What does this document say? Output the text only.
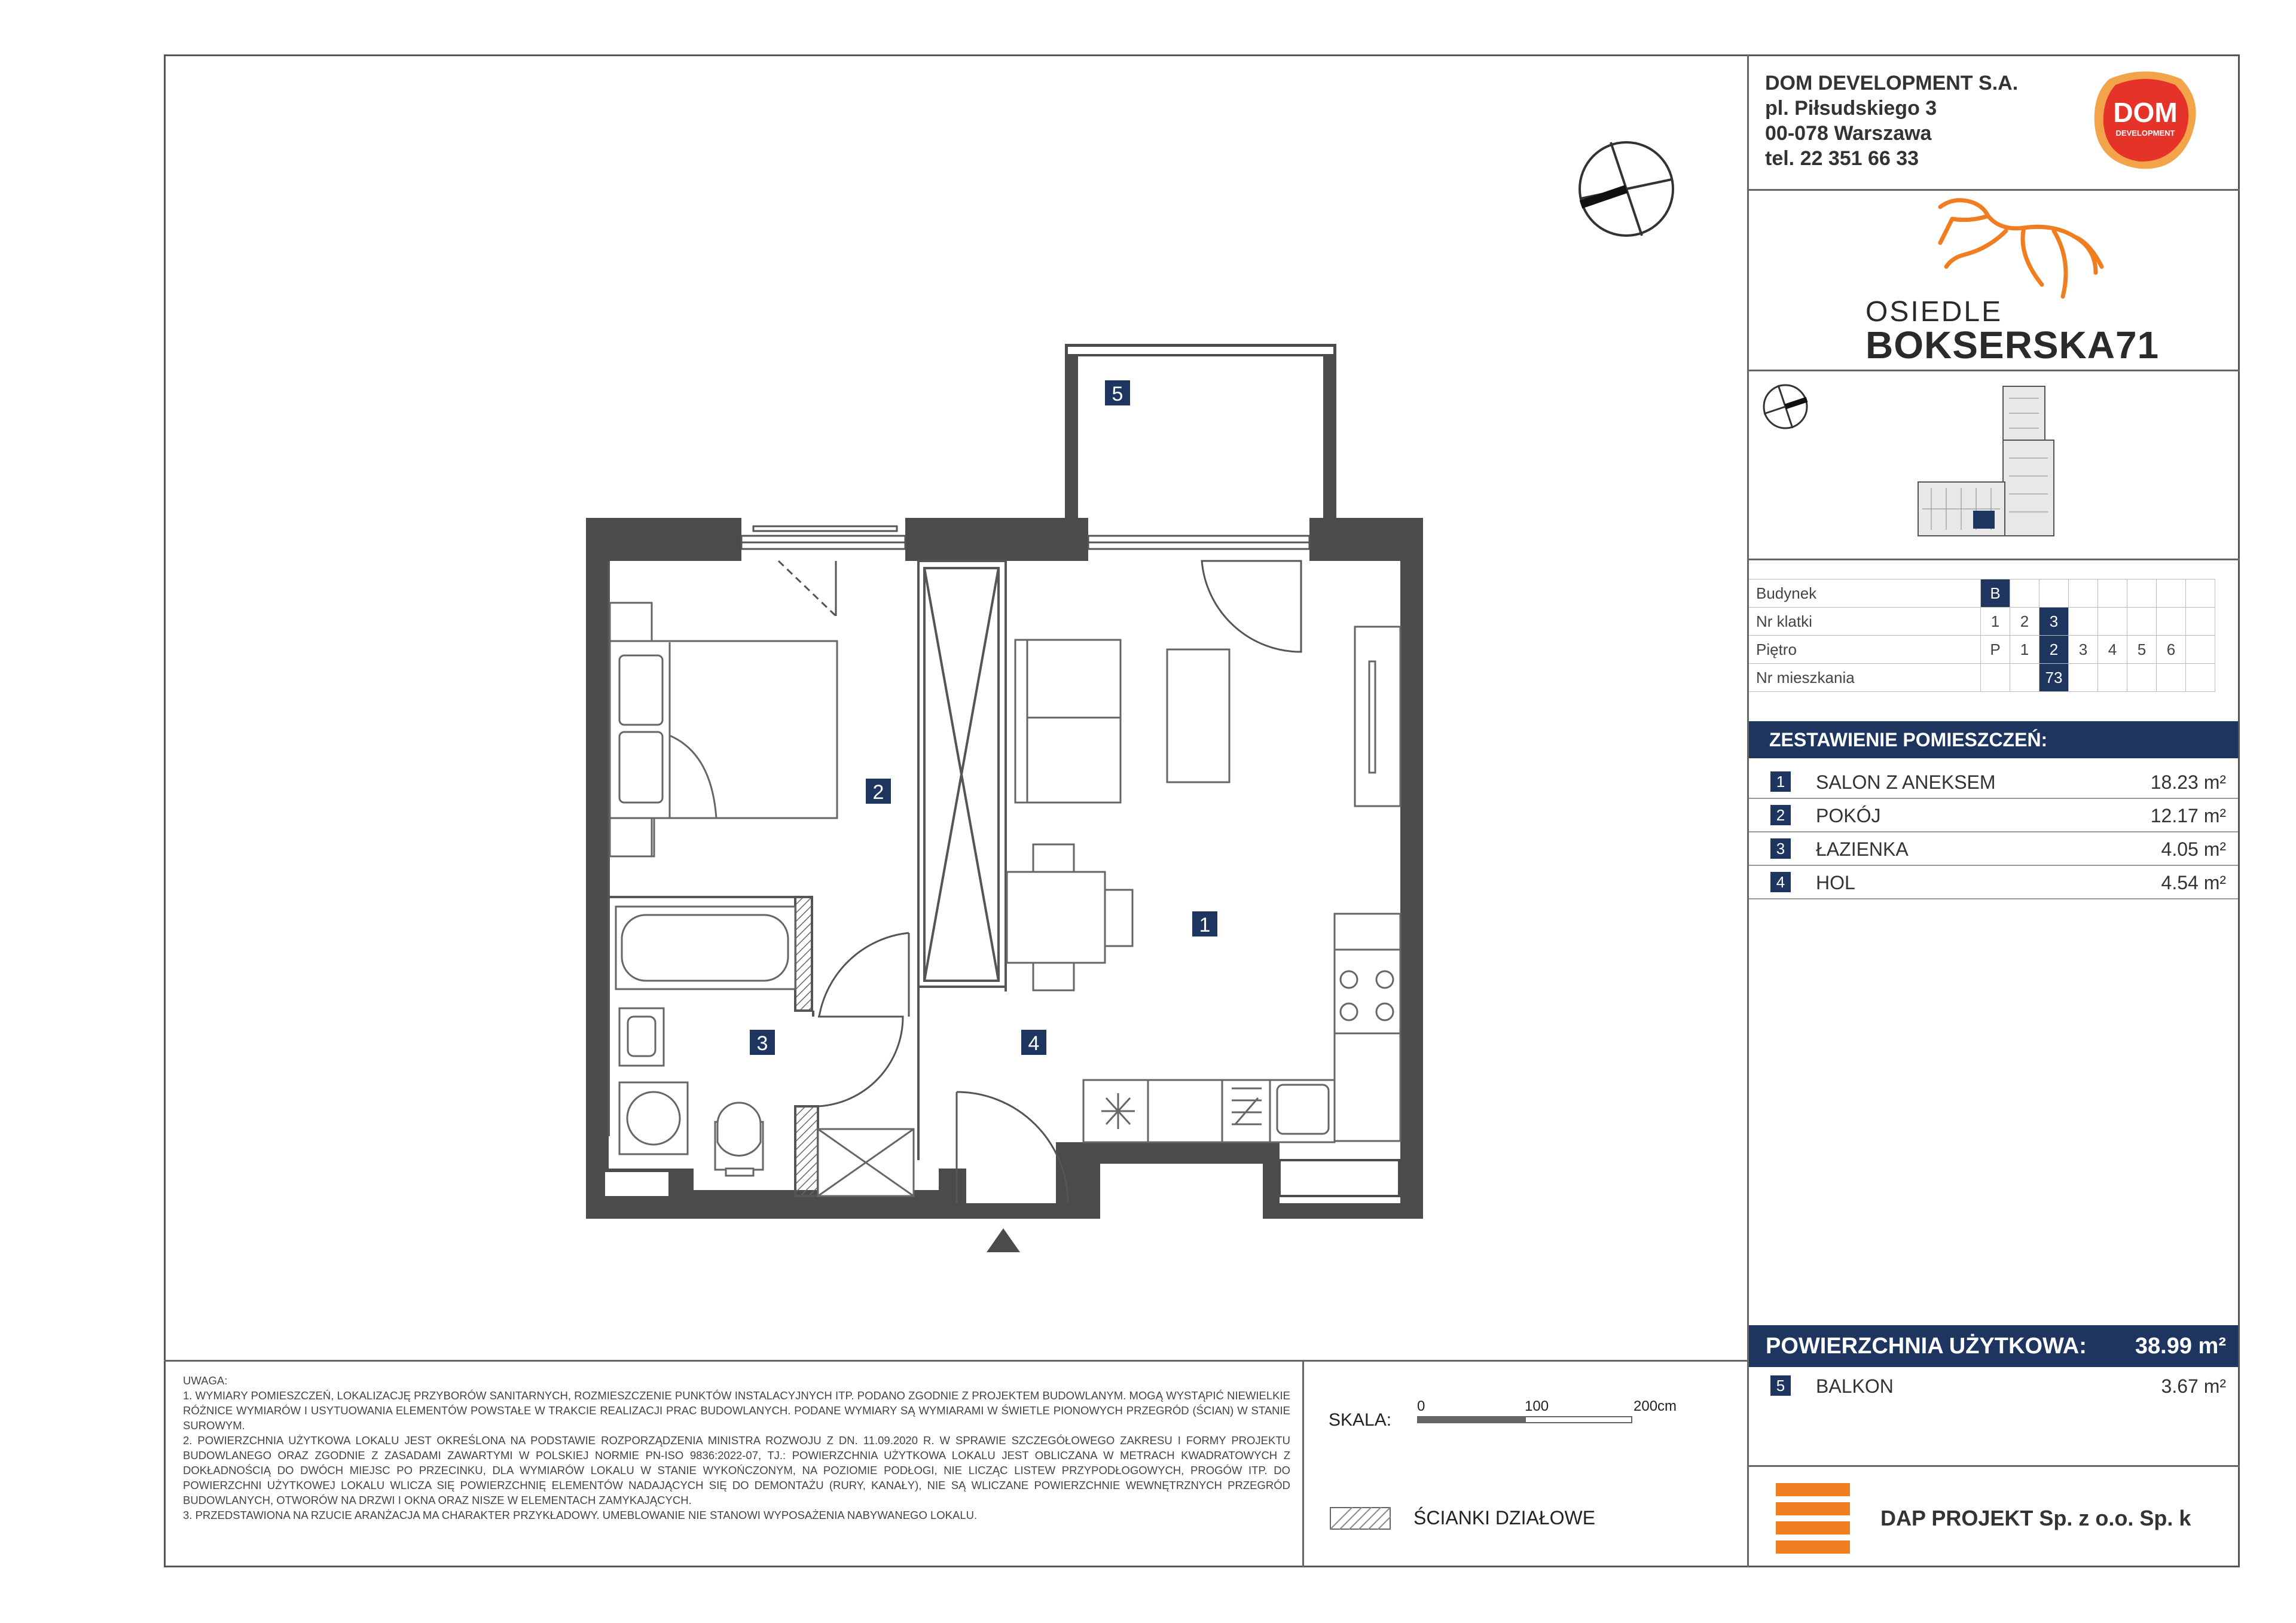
DOM DEVELOPMENT S.A.
pl. Piłsudskiego 3
00-078 Warszawa
tel. 22 351 66 33
DOM
DEVELOPMENT
OSIEDLE
BOKSERSKA71
Budynek	B							
Nr klatki	1	2	3					
Piętro	P	1	2	3	4	5	6	
Nr mieszkania			73					
ZESTAWIENIE POMIESZCZEŃ:
1	SALON Z ANEKSEM	18.23 m²
2	POKÓJ	12.17 m²
3	ŁAZIENKA	4.05 m²
4	HOL	4.54 m²
POWIERZCHNIA UŻYTKOWA: 38.99 m²
5	BALKON	3.67 m²

UWAGA:

1. WYMIARY POMIESZCZEŃ, LOKALIZACJĘ PRZYBORÓW SANITARNYCH, ROZMIESZCZENIE PUNKTÓW INSTALACYJNYCH ITP. PODANO ZGODNIE Z PROJEKTEM BUDOWLANYM. MOGĄ WYSTĄPIĆ NIEWIELKIE RÓŻNICE WYMIARÓW I USYTUOWANIA ELEMENTÓW POWSTAŁE W TRAKCIE REALIZACJI PRAC BUDOWLANYCH. PODANE WYMIARY SĄ WYMIARAMI W ŚWIETLE PIONOWYCH PRZEGRÓD (ŚCIAN) W STANIE SUROWYM.

2. POWIERZCHNIA UŻYTKOWA LOKALU JEST OKREŚLONA NA PODSTAWIE ROZPORZĄDZENIA MINISTRA ROZWOJU Z DN. 11.09.2020 R. W SPRAWIE SZCZEGÓŁOWEGO ZAKRESU I FORMY PROJEKTU BUDOWLANEGO ORAZ ZGODNIE Z ZASADAMI ZAWARTYMI W POLSKIEJ NORMIE PN-ISO 9836:2022-07, TJ.: POWIERZCHNIA UŻYTKOWA LOKALU JEST OBLICZANA W METRACH KWADRATOWYCH Z DOKŁADNOŚCIĄ DO DWÓCH MIEJSC PO PRZECINKU, DLA WYMIARÓW LOKALU W STANIE WYKOŃCZONYM, NA POZIOMIE PODŁOGI, NIE LICZĄC LISTEW PRZYPODŁOGOWYCH, PROGÓW ITP. DO POWIERZCHNI UŻYTKOWEJ LOKALU WLICZA SIĘ POWIERZCHNIĘ ELEMENTÓW NADAJĄCYCH SIĘ DO DEMONTAŻU (RURY, KANAŁY), NIE SĄ WLICZANE POWIERZCHNIE WEWNĘTRZNYCH PRZEGRÓD BUDOWLANYCH, OTWORÓW NA DRZWI I OKNA ORAZ NISZE W ELEMENTACH ZAMYKAJĄCYCH.

3. PRZEDSTAWIONA NA RZUCIE ARANŻACJA MA CHARAKTER PRZYKŁADOWY. UMEBLOWANIE NIE STANOWI WYPOSAŻENIA NABYWANEGO LOKALU.

SKALA:
0	100	200cm
ŚCIANKI DZIAŁOWE	DAP PROJEKT Sp. z o.o. Sp. k
1
2
3	4
5
